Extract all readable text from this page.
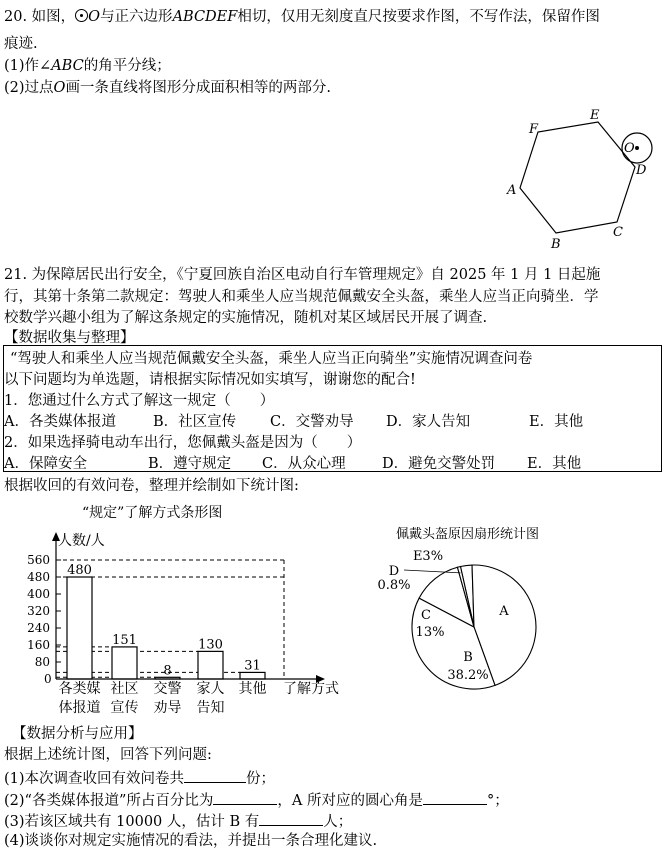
20. 如图， O与正六边形ABCDEF相切，仅用无刻度直尺按要求作图，不写作法，保留作图
痕迹.
(1)作∠ABC的角平分线；
(2)过点O画一条直线将图形分成面积相等的两部分.
A
B
C
D
E
F
O
21. 为保障居民出行安全，《宁夏回族自治区电动自行车管理规定》自 2025 年 1 月 1 日起施
行，其第十条第二款规定：驾驶人和乘坐人应当规范佩戴安全头盔，乘坐人应当正向骑坐．学
校数学兴趣小组为了解这条规定的实施情况，随机对某区域居民开展了调查.
【数据收集与整理】
“驾驶人和乘坐人应当规范佩戴安全头盔，乘坐人应当正向骑坐”实施情况调查问卷
以下问题均为单选题，请根据实际情况如实填写，谢谢您的配合!
1．您通过什么方式了解这一规定（　　）
A．各类媒体报道	B．社区宣传 C．交警劝导 D．家人告知	E．其他
2．如果选择骑电动车出行，您佩戴头盔是因为（　　）
A．保障安全	B．遵守规定 C．从众心理	D．避免交警处罚 E．其他
根据收回的有效问卷，整理并绘制如下统计图:
“规定”了解方式条形图
人数/人
了解方式
80
160
240
320
400
480
560
480
151
8
130
31
各类媒
体报道
社区
宣传
交警
劝导
家人
告知
其他
0
佩戴头盔原因扇形统计图
A
B
38.2%
C
13%
D
0.8%
E3%
【数据分析与应用】
根据上述统计图，回答下列问题:
(1)本次调查收回有效问卷共	份；
(2)“各类媒体报道”所占百分比为	，A 所对应的圆心角是	°；
(3)若该区域共有 10000 人，估计 B 有	人；
(4)谈谈你对规定实施情况的看法，并提出一条合理化建议.
